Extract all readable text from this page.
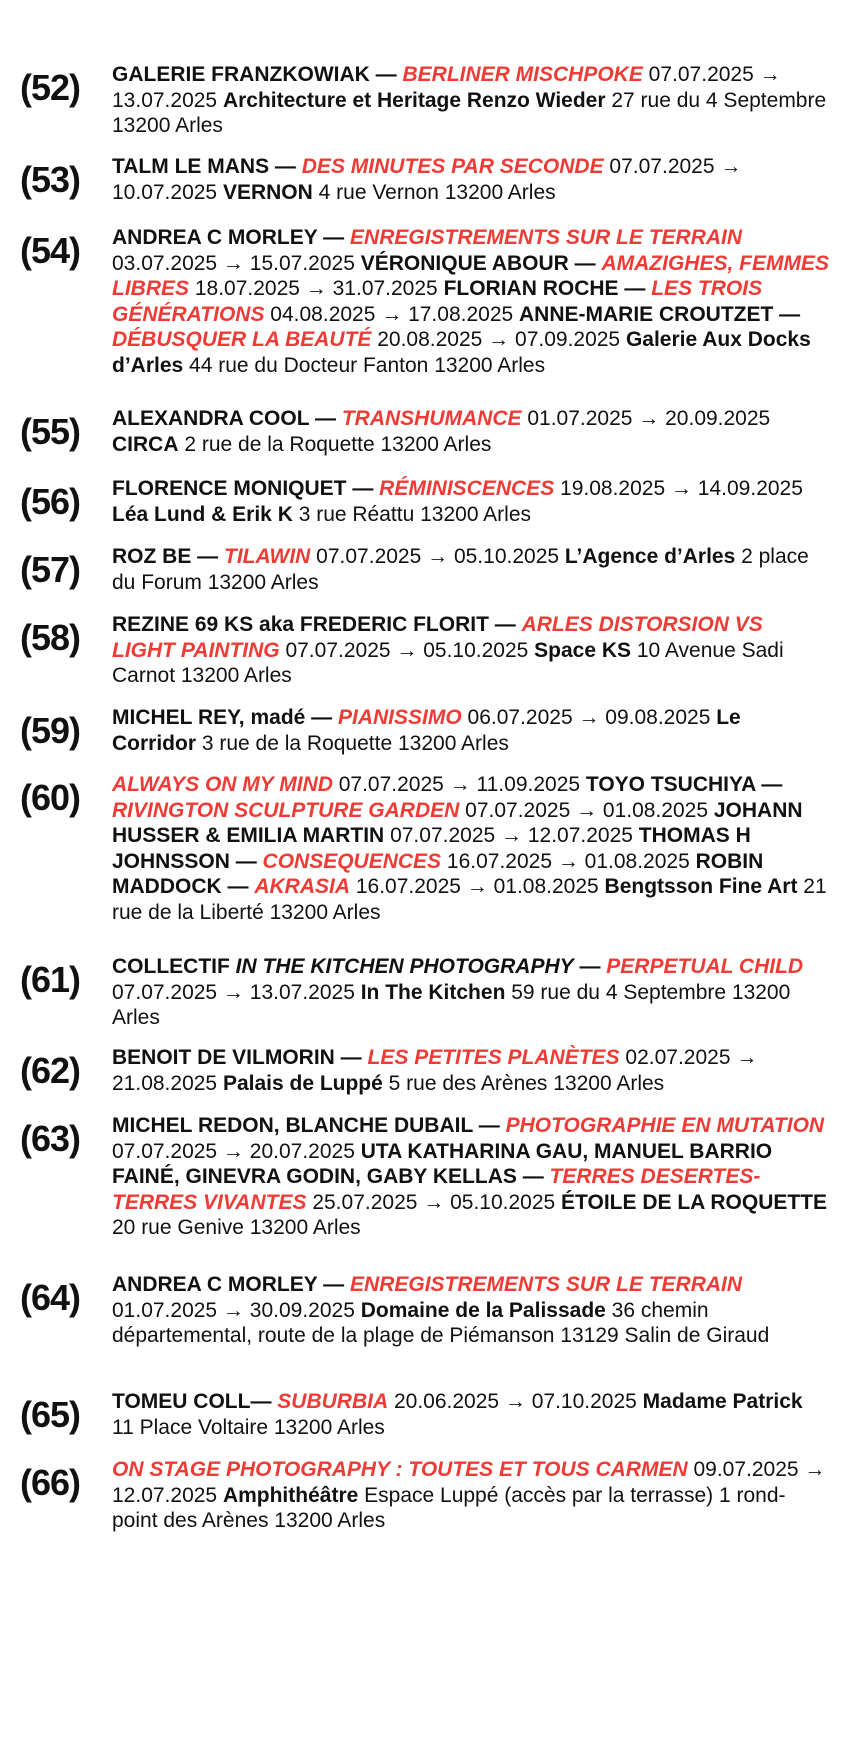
(52)	GALERIE FRANZKOWIAK — BERLINER MISCHPOKE 07.07.2025 → 13.07.2025 Architecture et Heritage Renzo Wieder 27 rue du 4 Septembre 13200 Arles
(53)	TALM LE MANS — DES MINUTES PAR SECONDE 07.07.2025 → 10.07.2025 VERNON 4 rue Vernon 13200 Arles
(54)	ANDREA C MORLEY — ENREGISTREMENTS SUR LE TERRAIN 03.07.2025 → 15.07.2025 VÉRONIQUE ABOUR — AMAZIGHES, FEMMES LIBRES 18.07.2025 → 31.07.2025 FLORIAN ROCHE — LES TROIS GÉNÉRATIONS 04.08.2025 → 17.08.2025 ANNE-MARIE CROUTZET — DÉBUSQUER LA BEAUTÉ 20.08.2025 → 07.09.2025 Galerie Aux Docks d’Arles 44 rue du Docteur Fanton 13200 Arles
(55)	ALEXANDRA COOL — TRANSHUMANCE 01.07.2025 → 20.09.2025 CIRCA 2 rue de la Roquette 13200 Arles
(56)	FLORENCE MONIQUET — RÉMINISCENCES 19.08.2025 → 14.09.2025 Léa Lund & Erik K 3 rue Réattu 13200 Arles
(57)	ROZ BE — TILAWIN 07.07.2025 → 05.10.2025 L’Agence d’Arles 2 place du Forum 13200 Arles
(58)	REZINE 69 KS aka FREDERIC FLORIT — ARLES DISTORSION VS LIGHT PAINTING 07.07.2025 → 05.10.2025 Space KS 10 Avenue Sadi Carnot 13200 Arles
(59)	MICHEL REY, madé — PIANISSIMO 06.07.2025 → 09.08.2025 Le Corridor 3 rue de la Roquette 13200 Arles
(60)	ALWAYS ON MY MIND 07.07.2025 → 11.09.2025 TOYO TSUCHIYA — RIVINGTON SCULPTURE GARDEN 07.07.2025 → 01.08.2025 JOHANN HUSSER & EMILIA MARTIN 07.07.2025 → 12.07.2025 THOMAS H JOHNSSON — CONSEQUENCES 16.07.2025 → 01.08.2025 ROBIN MADDOCK — AKRASIA 16.07.2025 → 01.08.2025 Bengtsson Fine Art 21 rue de la Liberté 13200 Arles
(61)	COLLECTIF IN THE KITCHEN PHOTOGRAPHY — PERPETUAL CHILD 07.07.2025 → 13.07.2025 In The Kitchen 59 rue du 4 Septembre 13200 Arles
(62)	BENOIT DE VILMORIN — LES PETITES PLANÈTES 02.07.2025 → 21.08.2025 Palais de Luppé 5 rue des Arènes 13200 Arles
(63)	MICHEL REDON, BLANCHE DUBAIL — PHOTOGRAPHIE EN MUTATION 07.07.2025 → 20.07.2025 UTA KATHARINA GAU, MANUEL BARRIO FAINÉ, GINEVRA GODIN, GABY KELLAS — TERRES DESERTES-TERRES VIVANTES 25.07.2025 → 05.10.2025 ÉTOILE DE LA ROQUETTE 20 rue Genive 13200 Arles
(64)	ANDREA C MORLEY — ENREGISTREMENTS SUR LE TERRAIN 01.07.2025 → 30.09.2025 Domaine de la Palissade 36 chemin départemental, route de la plage de Piémanson 13129 Salin de Giraud
(65)	TOMEU COLL— SUBURBIA 20.06.2025 → 07.10.2025 Madame Patrick 11 Place Voltaire 13200 Arles
(66)	ON STAGE PHOTOGRAPHY : TOUTES ET TOUS CARMEN 09.07.2025 → 12.07.2025 Amphithéâtre Espace Luppé (accès par la terrasse) 1 rond-point des Arènes 13200 Arles
